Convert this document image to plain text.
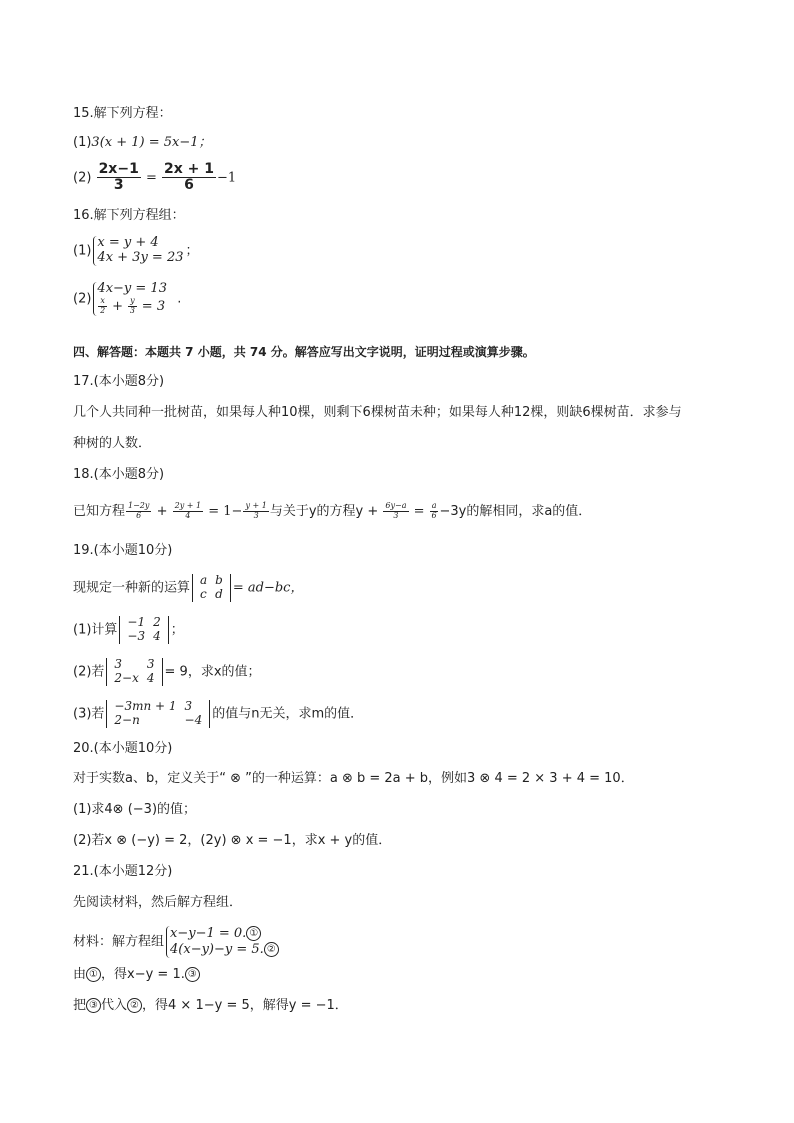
15.解下列方程：
(1)3(x + 1) = 5x−1；
$(2) \frac{2x-1}{3} = \frac{2x + 1}{6} -1$
16.解下列方程组：
(1)
x = y + 4
4x + 3y = 23 ；
(2)
4x−y = 13
$\frac{x}{2} + \frac{y}{3} = 3$ .
四、解答题：本题共 7 小题，共 74 分。解答应写出文字说明，证明过程或演算步骤。
17.(本小题8分)
几个人共同种一批树苗，如果每人种10棵，则剩下6棵树苗未种；如果每人种12棵，则缺6棵树苗．求参与
种树的人数．
18.(本小题8分)
已知方程 $\frac{1-2y}{6} + \frac{2y + 1}{4} = 1- \frac{y + 1}{3}$ 与关于y的方程$y + \frac{6y-a}{3} = \frac{a}{6} -3y$的解相同，求a的值．
19.(本小题10分)
现规定一种新的运算
a	b
c	d = ad−bc，
(1)计算
−1	2
−3	4 ；
(2)若
3	3
2−x	4 = 9，求x的值；
(3)若
−3mn + 1	3
2−n	−4 的值与n无关，求m的值．
20.(本小题10分)
对于实数a、b，定义关于“ ⊗ ”的一种运算：a ⊗ b = 2a + b，例如3 ⊗ 4 = 2 × 3 + 4 = 10．
(1)求4⊗ (−3)的值；
(2)若x ⊗ (−y) = 2，(2y) ⊗ x = −1，求x + y的值．
21.(本小题12分)
先阅读材料，然后解方程组．
材料：解方程组
x−y−1 = 0. ①
4(x−y)−y = 5. ②
由 ① ，得x−y = 1. ③
把 ③ 代入 ② ，得4 × 1−y = 5，解得y = −1．
